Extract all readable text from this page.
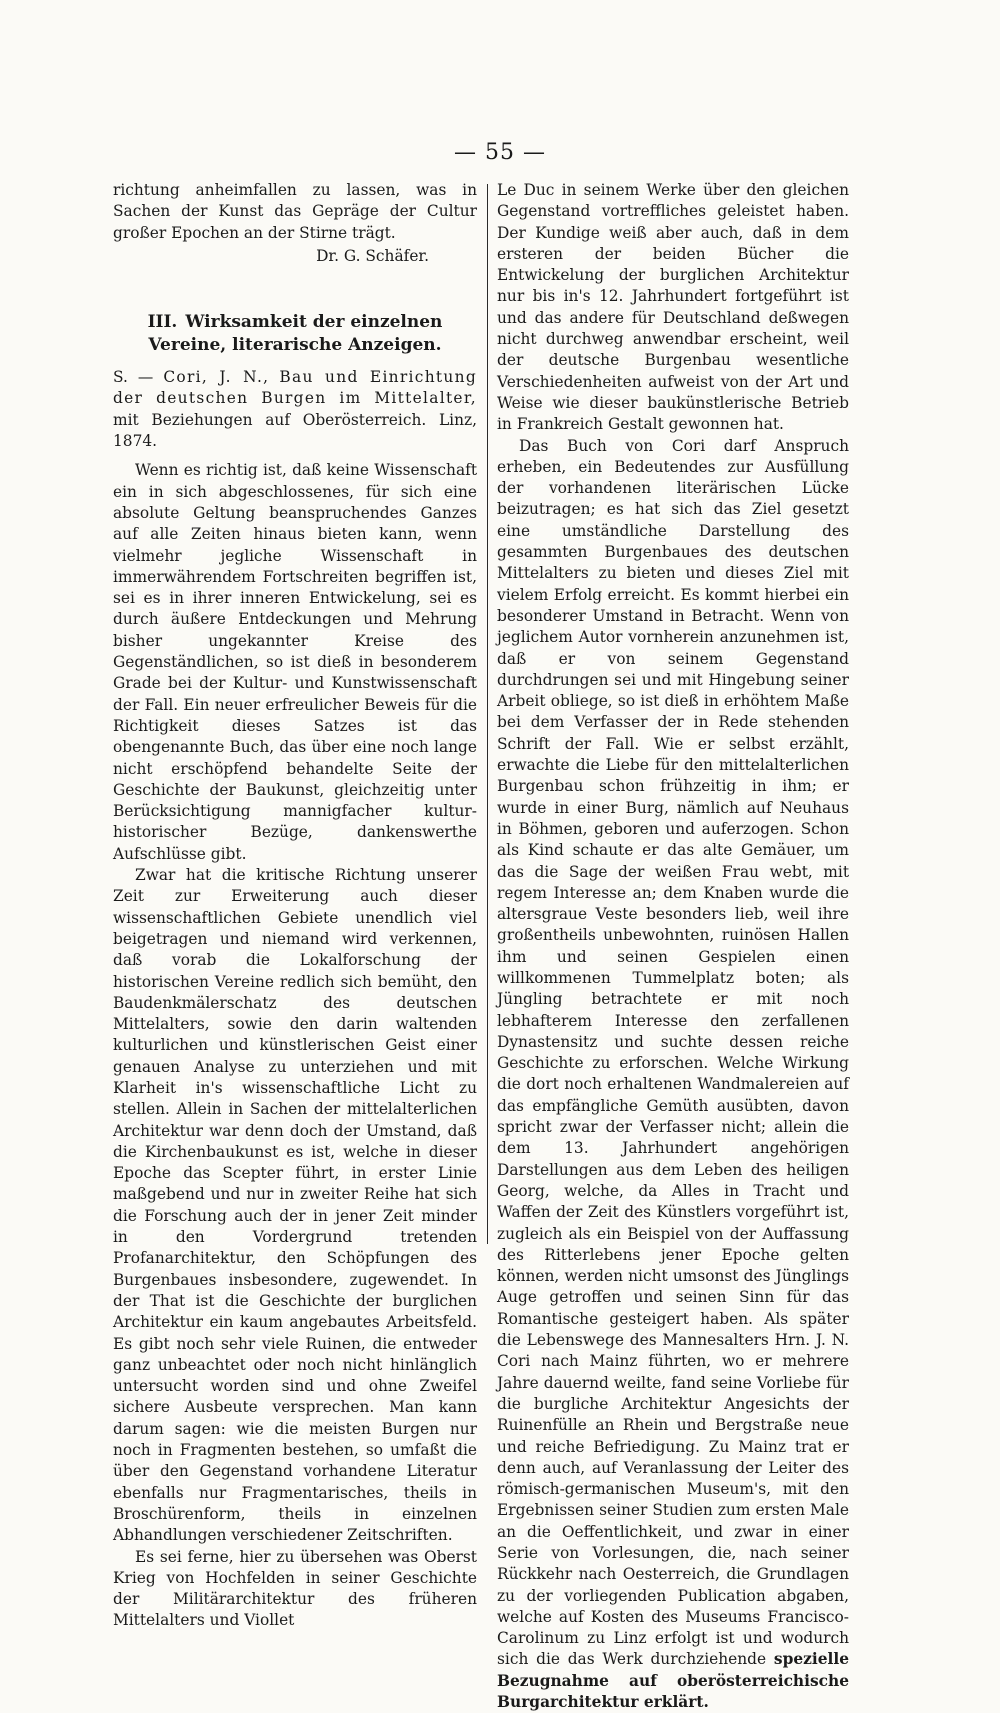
— 55 —

richtung anheimfallen zu lassen, was in Sachen der Kunst das Gepräge der Cultur großer Epochen an der Stirne trägt.

Dr. G. Schäfer.

III. Wirksamkeit der einzelnen Vereine, literarische Anzeigen.

S. — Cori, J. N., Bau und Einrichtung der deutschen Burgen im Mittelalter, mit Beziehungen auf Oberösterreich. Linz, 1874.

Wenn es richtig ist, daß keine Wissenschaft ein in sich abgeschlossenes, für sich eine absolute Geltung beanspruchendes Ganzes auf alle Zeiten hinaus bieten kann, wenn vielmehr jegliche Wissenschaft in immerwährendem Fortschreiten begriffen ist, sei es in ihrer inneren Entwickelung, sei es durch äußere Entdeckungen und Mehrung bisher ungekannter Kreise des Gegenständlichen, so ist dieß in besonderem Grade bei der Kultur- und Kunstwissenschaft der Fall. Ein neuer erfreulicher Beweis für die Richtigkeit dieses Satzes ist das obengenannte Buch, das über eine noch lange nicht erschöpfend behandelte Seite der Geschichte der Baukunst, gleichzeitig unter Berücksichtigung mannigfacher kultur- historischer Bezüge, dankenswerthe Aufschlüsse gibt.

Zwar hat die kritische Richtung unserer Zeit zur Erweiterung auch dieser wissenschaftlichen Gebiete unendlich viel beigetragen und niemand wird verkennen, daß vorab die Lokalforschung der historischen Vereine redlich sich bemüht, den Baudenkmälerschatz des deutschen Mittelalters, sowie den darin waltenden kulturlichen und künstlerischen Geist einer genauen Analyse zu unterziehen und mit Klarheit in's wissenschaftliche Licht zu stellen. Allein in Sachen der mittelalterlichen Architektur war denn doch der Umstand, daß die Kirchenbaukunst es ist, welche in dieser Epoche das Scepter führt, in erster Linie maßgebend und nur in zweiter Reihe hat sich die Forschung auch der in jener Zeit minder in den Vordergrund tretenden Profanarchitektur, den Schöpfungen des Burgenbaues insbesondere, zugewendet. In der That ist die Geschichte der burglichen Architektur ein kaum angebautes Arbeitsfeld. Es gibt noch sehr viele Ruinen, die entweder ganz unbeachtet oder noch nicht hinlänglich untersucht worden sind und ohne Zweifel sichere Ausbeute versprechen. Man kann darum sagen: wie die meisten Burgen nur noch in Fragmenten bestehen, so umfaßt die über den Gegenstand vorhandene Literatur ebenfalls nur Fragmentarisches, theils in Broschürenform, theils in einzelnen Abhandlungen verschiedener Zeitschriften.

Es sei ferne, hier zu übersehen was Oberst Krieg von Hochfelden in seiner Geschichte der Militärarchitektur des früheren Mittelalters und Viollet

Le Duc in seinem Werke über den gleichen Gegenstand vortreffliches geleistet haben. Der Kundige weiß aber auch, daß in dem ersteren der beiden Bücher die Entwickelung der burglichen Architektur nur bis in's 12. Jahrhundert fortgeführt ist und das andere für Deutschland deßwegen nicht durchweg anwendbar erscheint, weil der deutsche Burgenbau wesentliche Verschiedenheiten aufweist von der Art und Weise wie dieser baukünstlerische Betrieb in Frankreich Gestalt gewonnen hat.

Das Buch von Cori darf Anspruch erheben, ein Bedeutendes zur Ausfüllung der vorhandenen literärischen Lücke beizutragen; es hat sich das Ziel gesetzt eine umständliche Darstellung des gesammten Burgenbaues des deutschen Mittelalters zu bieten und dieses Ziel mit vielem Erfolg erreicht. Es kommt hierbei ein besonderer Umstand in Betracht. Wenn von jeglichem Autor vornherein anzunehmen ist, daß er von seinem Gegenstand durchdrungen sei und mit Hingebung seiner Arbeit obliege, so ist dieß in erhöhtem Maße bei dem Verfasser der in Rede stehenden Schrift der Fall. Wie er selbst erzählt, erwachte die Liebe für den mittelalterlichen Burgenbau schon frühzeitig in ihm; er wurde in einer Burg, nämlich auf Neuhaus in Böhmen, geboren und auferzogen. Schon als Kind schaute er das alte Gemäuer, um das die Sage der weißen Frau webt, mit regem Interesse an; dem Knaben wurde die altersgraue Veste besonders lieb, weil ihre großentheils unbewohnten, ruinösen Hallen ihm und seinen Gespielen einen willkommenen Tummelplatz boten; als Jüngling betrachtete er mit noch lebhafterem Interesse den zerfallenen Dynastensitz und suchte dessen reiche Geschichte zu erforschen. Welche Wirkung die dort noch erhaltenen Wandmalereien auf das empfängliche Gemüth ausübten, davon spricht zwar der Verfasser nicht; allein die dem 13. Jahrhundert angehörigen Darstellungen aus dem Leben des heiligen Georg, welche, da Alles in Tracht und Waffen der Zeit des Künstlers vorgeführt ist, zugleich als ein Beispiel von der Auffassung des Ritterlebens jener Epoche gelten können, werden nicht umsonst des Jünglings Auge getroffen und seinen Sinn für das Romantische gesteigert haben. Als später die Lebenswege des Mannesalters Hrn. J. N. Cori nach Mainz führten, wo er mehrere Jahre dauernd weilte, fand seine Vorliebe für die burgliche Architektur Angesichts der Ruinenfülle an Rhein und Bergstraße neue und reiche Befriedigung. Zu Mainz trat er denn auch, auf Veranlassung der Leiter des römisch-germanischen Museum's, mit den Ergebnissen seiner Studien zum ersten Male an die Oeffentlichkeit, und zwar in einer Serie von Vorlesungen, die, nach seiner Rückkehr nach Oesterreich, die Grundlagen zu der vorliegenden Publication abgaben, welche auf Kosten des Museums Francisco-Carolinum zu Linz erfolgt ist und wodurch sich die das Werk durchziehende spezielle Bezugnahme auf oberösterreichische Burgarchitektur erklärt.
